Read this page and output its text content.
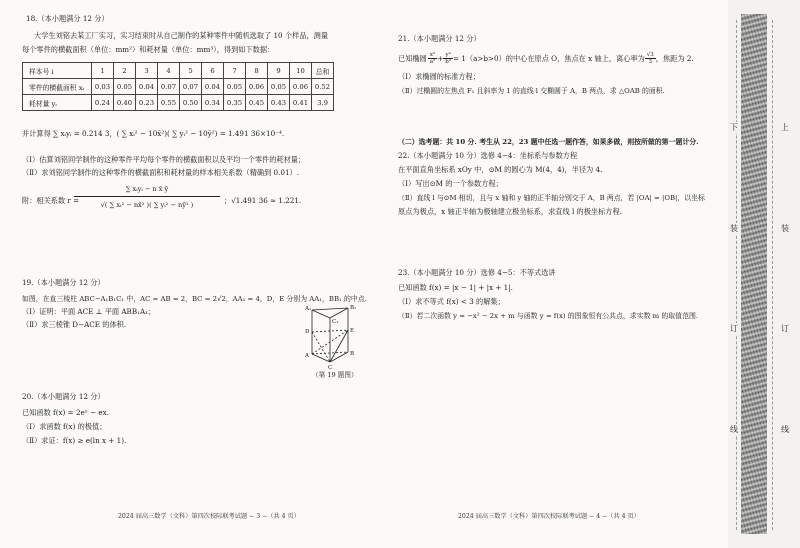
18.（本小题满分 12 分）
大学生刘铭去某工厂实习，实习结束时从自己制作的某种零件中随机选取了 10 个样品，测量
每个零件的横截面积（单位：mm²）和耗材量（单位：mm³），得到如下数据：
样本号 i	1	2	3	4	5	6	7	8	9	10	总和
零件的横截面积 xᵢ	0.03	0.05	0.04	0.07	0.07	0.04	0.05	0.06	0.05	0.06	0.52
耗材量 yᵢ	0.24	0.40	0.23	0.55	0.50	0.34	0.35	0.45	0.43	0.41	3.9
并计算得 ∑ xᵢyᵢ = 0.214 3，( ∑ xᵢ² − 10x̄²)( ∑ yᵢ² − 10ȳ²) = 1.491 36×10⁻⁴.
（Ⅰ）估算刘铭同学制作的这种零件平均每个零件的横截面积以及平均一个零件的耗材量；
（Ⅱ）求刘铭同学制作的这种零件的横截面积和耗材量的样本相关系数（精确到 0.01）.
附：相关系数 r =
∑ xᵢyᵢ − n x̄ ȳ
√( ∑ xᵢ² − nx̄² )( ∑ yᵢ² − nȳ² )	；√1.491 36 ≈ 1.221.
19.（本小题满分 12 分）
如图，在直三棱柱 ABC−A₁B₁C₁ 中，AC = AB = 2，BC = 2√2，AA₁ = 4，D，E 分别为 AA₁，BB₁ 的中点.
（Ⅰ）证明：平面 ACE ⊥ 平面 ABB₁A₁；
（Ⅱ）求三棱锥 D−ACE 的体积.
A₁	B₁
C₁
D	E
A	B
C
（第 19 题图）
20.（本小题满分 12 分）
已知函数 f(x) = 2eˣ − ex.
（Ⅰ）求函数 f(x) 的极值；
（Ⅱ）求证：f(x) ≥ e(ln x + 1).
2024 届高三数学（文科）第四次校际联考试题 − 3 −（共 4 页）
21.（本小题满分 12 分）
已知椭圆 $\frac{\text{x²}}{\text{a²}} + \frac{\text{y²}}{\text{b²}} = 1(a>b>0)$的中心在原点 O，焦点在 x 轴上，离心率为 $\frac{√3}{3}$ ，焦距为 2.
（Ⅰ）求椭圆的标准方程；
（Ⅱ）过椭圆的左焦点 F₁ 且斜率为 1 的直线 l 交椭圆于 A，B 两点，求 △OAB 的面积.
（二）选考题：共 10 分. 考生从 22，23 题中任选一题作答，如果多做，则按所做的第一题计分.
22.（本小题满分 10 分）选修 4−4：坐标系与参数方程
在平面直角坐标系 xOy 中，⊙M 的圆心为 M(4，4)，半径为 4.
（Ⅰ）写出⊙M 的一个参数方程；
（Ⅱ）直线 l 与⊙M 相切，且与 x 轴和 y 轴的正半轴分别交于 A，B 两点，若 |OA| = |OB|，以坐标
原点为极点，x 轴正半轴为极轴建立极坐标系，求直线 l 的极坐标方程.
23.（本小题满分 10 分）选修 4−5：不等式选讲
已知函数 f(x) = |x − 1| + |x + 1|.
（Ⅰ）求不等式 f(x) < 3 的解集；
（Ⅱ）若二次函数 y = −x² − 2x + m 与函数 y = f(x) 的图象恒有公共点，求实数 m 的取值范围.
2024 届高三数学（文科）第四次校际联考试题 − 4 −（共 4 页）
下
装
订
线
上
装
订
线
